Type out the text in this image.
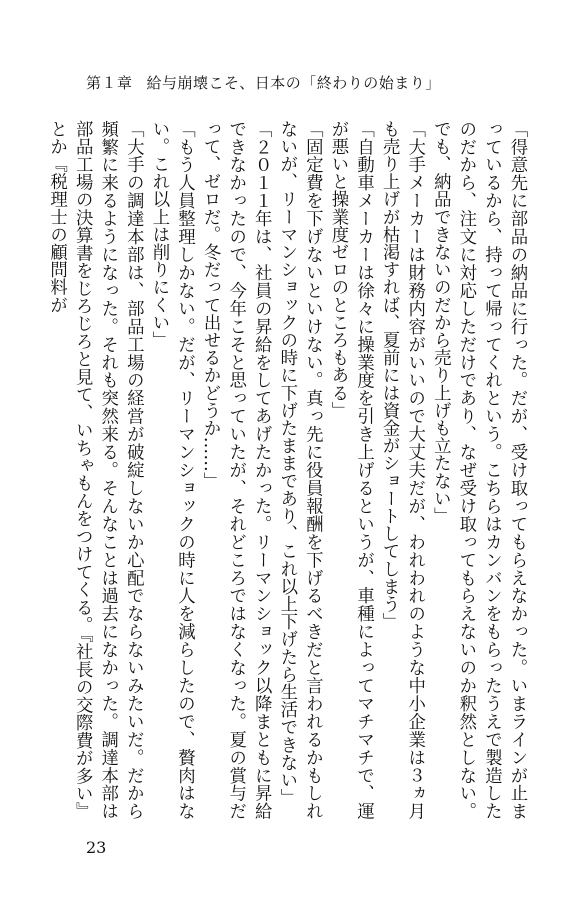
第１章 給与崩壊こそ、日本の「終わりの始まり」

「得意先に部品の納品に行った。だが、受け取ってもらえなかった。いまラインが止まっているから、持って帰ってくれという。こちらはカンバンをもらったうえで製造したのだから、注文に対応しただけであり、なぜ受け取ってもらえないのか釈然としない。でも、納品できないのだから売り上げも立たない」

「大手メーカーは財務内容がいいので大丈夫だが、われわれのような中小企業は３ヵ月も売り上げが枯渇すれば、夏前には資金がショートしてしまう」

「自動車メーカーは徐々に操業度を引き上げるというが、車種によってマチマチで、運が悪いと操業度ゼロのところもある」

「固定費を下げないといけない。真っ先に役員報酬を下げるべきだと言われるかもしれないが、リーマンショックの時に下げたままであり、これ以上下げたら生活できない」

「２０１１年は、社員の昇給をしてあげたかった。リーマンショック以降まともに昇給できなかったので、今年こそと思っていたが、それどころではなくなった。夏の賞与だって、ゼロだ。冬だって出せるかどうか……」

「もう人員整理しかない。だが、リーマンショックの時に人を減らしたので、贅肉はない。これ以上は削りにくい」

「大手の調達本部は、部品工場の経営が破綻しないか心配でならないみたいだ。だから頻繁に来るようになった。それも突然来る。そんなことは過去になかった。調達本部は部品工場の決算書をじろじろと見て、いちゃもんをつけてくる。『社長の交際費が多い』とか『税理士の顧問料が

23
